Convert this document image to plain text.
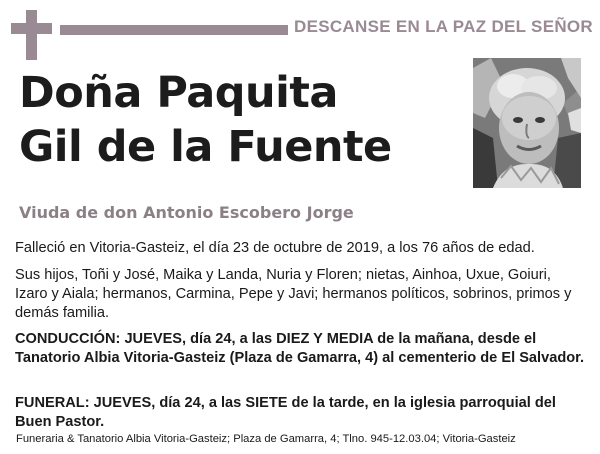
DESCANSE EN LA PAZ DEL SEÑOR
Doña Paquita
Gil de la Fuente
Viuda de don Antonio Escobero Jorge
Falleció en Vitoria-Gasteiz, el día 23 de octubre de 2019, a los 76 años de edad.
Sus hijos, Toñi y José, Maika y Landa, Nuria y Floren; nietas, Ainhoa, Uxue, Goiuri, Izaro y Aiala; hermanos, Carmina, Pepe y Javi; hermanos políticos, sobrinos, primos y demás familia.
CONDUCCIÓN: JUEVES, día 24, a las DIEZ Y MEDIA de la mañana, desde el Tanatorio Albia Vitoria-Gasteiz (Plaza de Gamarra, 4) al cementerio de El Salvador.
FUNERAL: JUEVES, día 24, a las SIETE de la tarde, en la iglesia parroquial del Buen Pastor.
Funeraria & Tanatorio Albia Vitoria-Gasteiz; Plaza de Gamarra, 4; Tlno. 945-12.03.04; Vitoria-Gasteiz
